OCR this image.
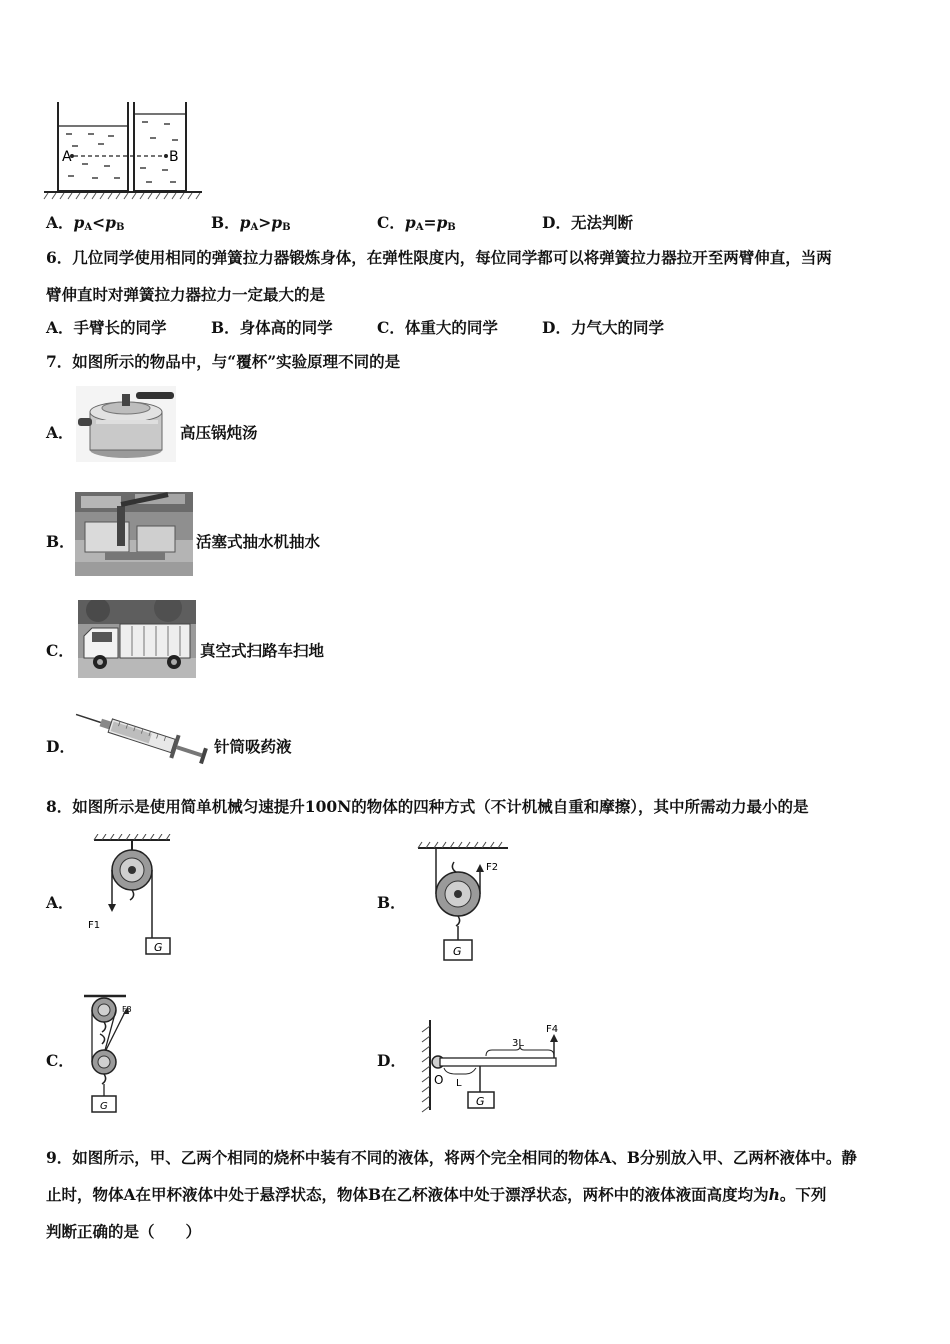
A	B
A．$p_A<p_B$	B．$p_A>p_B$	C．$p_A=p_B$	D．无法判断
6．几位同学使用相同的弹簧拉力器锻炼身体，在弹性限度内，每位同学都可以将弹簧拉力器拉开至两臂伸直，当两
臂伸直时对弹簧拉力器拉力一定最大的是
A．手臂长的同学	B．身体高的同学	C．体重大的同学	D．力气大的同学
7．如图所示的物品中，与“覆杯”实验原理不同的是
A．	高压锅炖汤
B．	活塞式抽水机抽水
C．	真空式扫路车扫地
D．	针筒吸药液
8．如图所示是使用简单机械匀速提升100N的物体的四种方式（不计机械自重和摩擦），其中所需动力最小的是
A．
F1
G
B．
F2
G
C．
F3
G
D．
F4
3L
O L
G
9．如图所示，甲、乙两个相同的烧杯中装有不同的液体，将两个完全相同的物体A、B分别放入甲、乙两杯液体中。静
止时，物体A在甲杯液体中处于悬浮状态，物体B在乙杯液体中处于漂浮状态，两杯中的液体液面高度均为h。下列
判断正确的是（　　）
